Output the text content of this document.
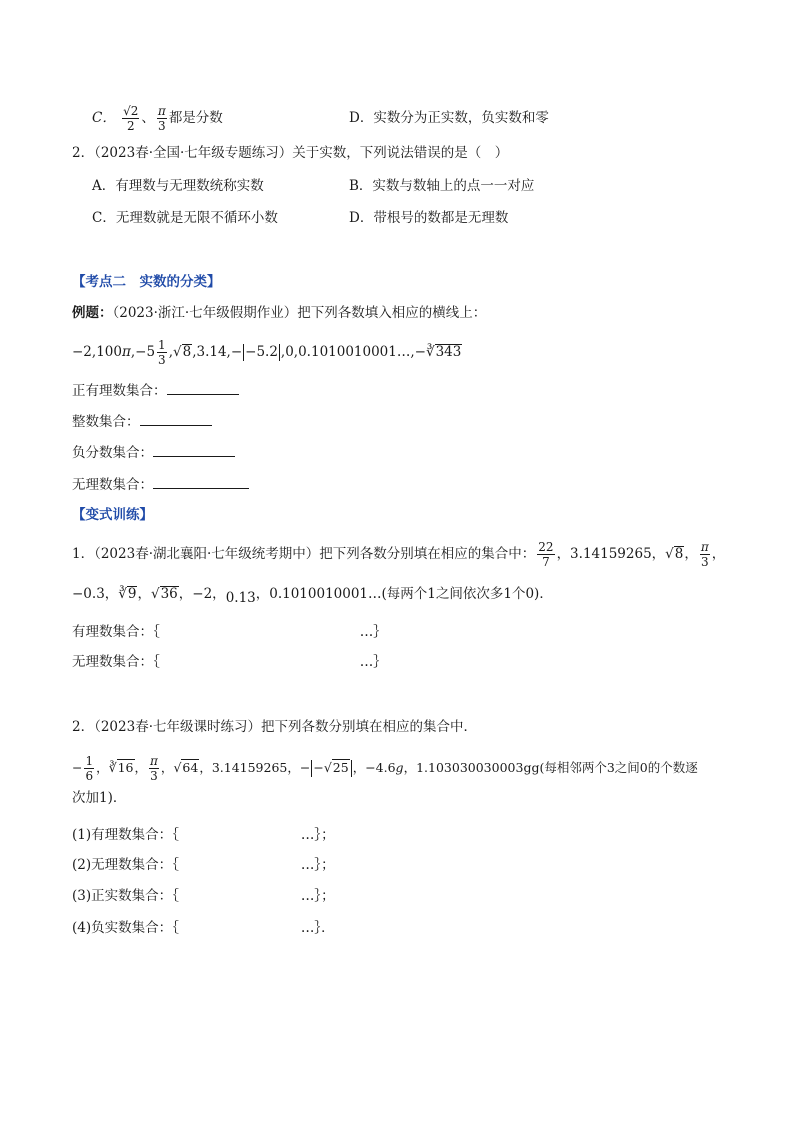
C． $\frac{√2}{2}$ 、 $\frac{\pi}{3}$ 都是分数	D．实数分为正实数，负实数和零
2．（2023春·全国·七年级专题练习）关于实数，下列说法错误的是（　）
A．有理数与无理数统称实数	B．实数与数轴上的点一一对应
C．无理数就是无限不循环小数	D．带根号的数都是无理数
【考点二　实数的分类】
例题：（2023·浙江·七年级假期作业）把下列各数填入相应的横线上：
$-2,100\pi,-5 \frac{1}{3} ,√8,3.14,- -5.2$ ,0,0.1010010001…,−∛343
正有理数集合：
整数集合：
负分数集合：
无理数集合：
【变式训练】
1．（2023春·湖北襄阳·七年级统考期中）把下列各数分别填在相应的集合中： $\frac{22}{7}$ ，3.14159265，√8， $\frac{\pi}{3}$ ，
−0.3，∛9，√36，−2，0.13，0.1010010001…(每两个1之间依次多1个0)．
有理数集合：｛	…｝
无理数集合：｛	…｝
2．（2023春·七年级课时练习）把下列各数分别填在相应的集合中．
− $\frac{1}{6}$ ，∛16， $\frac{\pi}{3}$ ，√64，3.14159265，− −√25 ，−4.6𝑔，1.103030030003gg(每相邻两个3之间0的个数逐
次加1)．
(1)有理数集合：｛	…｝；
(2)无理数集合：｛	…｝；
(3)正实数集合：｛	…｝；
(4)负实数集合：｛	…｝．
